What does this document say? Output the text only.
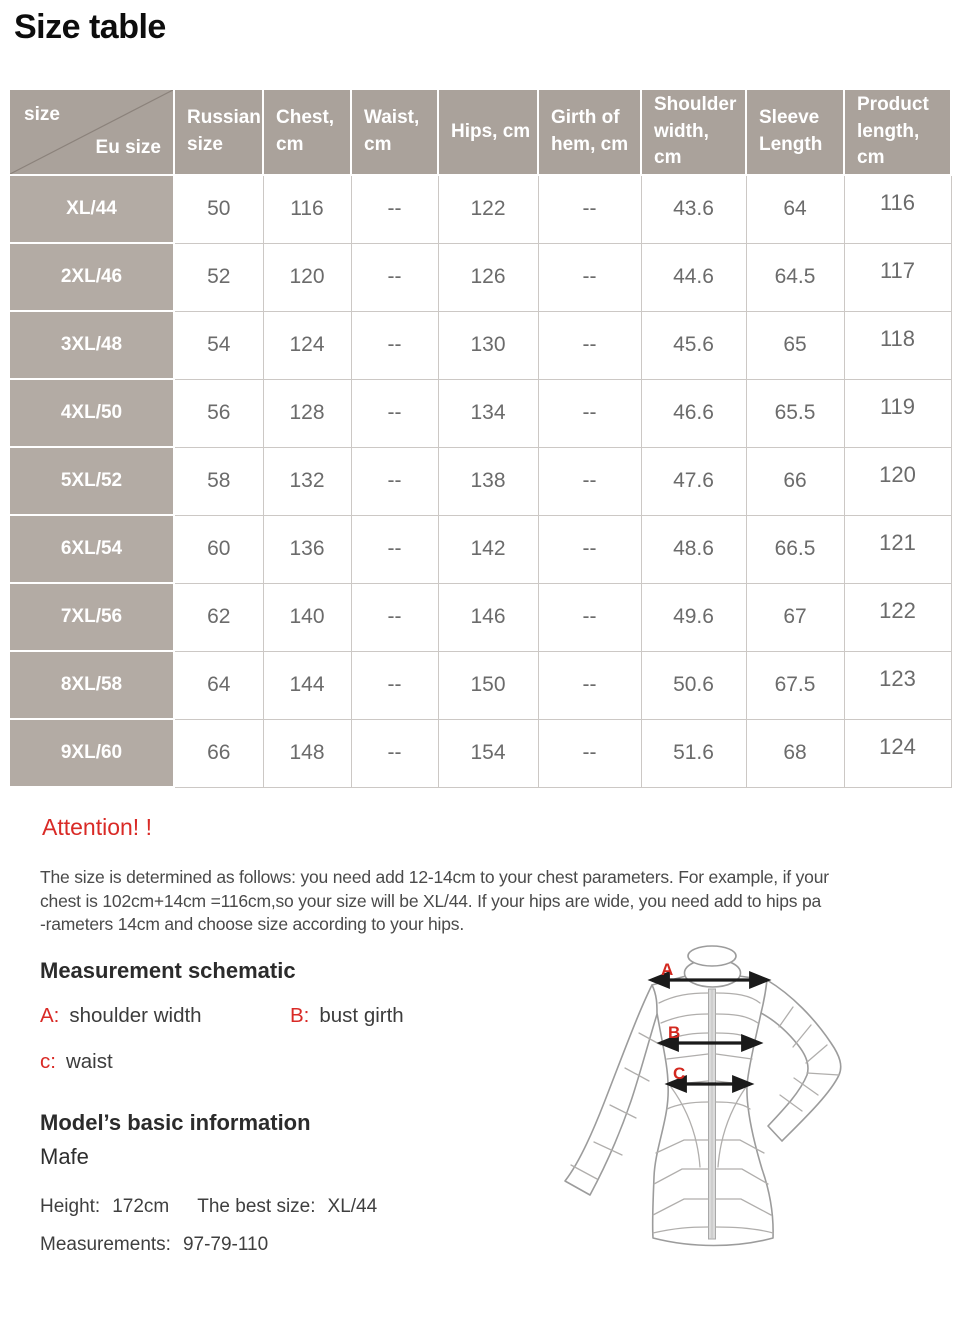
Size table
size
Eu size	Russian size	Chest, cm	Waist, cm	Hips, cm	Girth of hem, cm	Shoulder width, cm	Sleeve Length	Product length, cm
XL/44	50	116	--	122	--	43.6	64	116
2XL/46	52	120	--	126	--	44.6	64.5	117
3XL/48	54	124	--	130	--	45.6	65	118
4XL/50	56	128	--	134	--	46.6	65.5	119
5XL/52	58	132	--	138	--	47.6	66	120
6XL/54	60	136	--	142	--	48.6	66.5	121
7XL/56	62	140	--	146	--	49.6	67	122
8XL/58	64	144	--	150	--	50.6	67.5	123
9XL/60	66	148	--	154	--	51.6	68	124
Attention! !
The size is determined as follows: you need add 12-14cm to your chest parameters. For example, if your
chest is 102cm+14cm =116cm,so your size will be XL/44. If your hips are wide, you need add to hips pa
-rameters 14cm and choose size according to your hips.
Measurement schematic
A: shoulder width	B: bust girth
c: waist
Model’s basic information
Mafe
Height: 172cm The best size: XL/44
Measurements: 97-79-110
A
B
C
